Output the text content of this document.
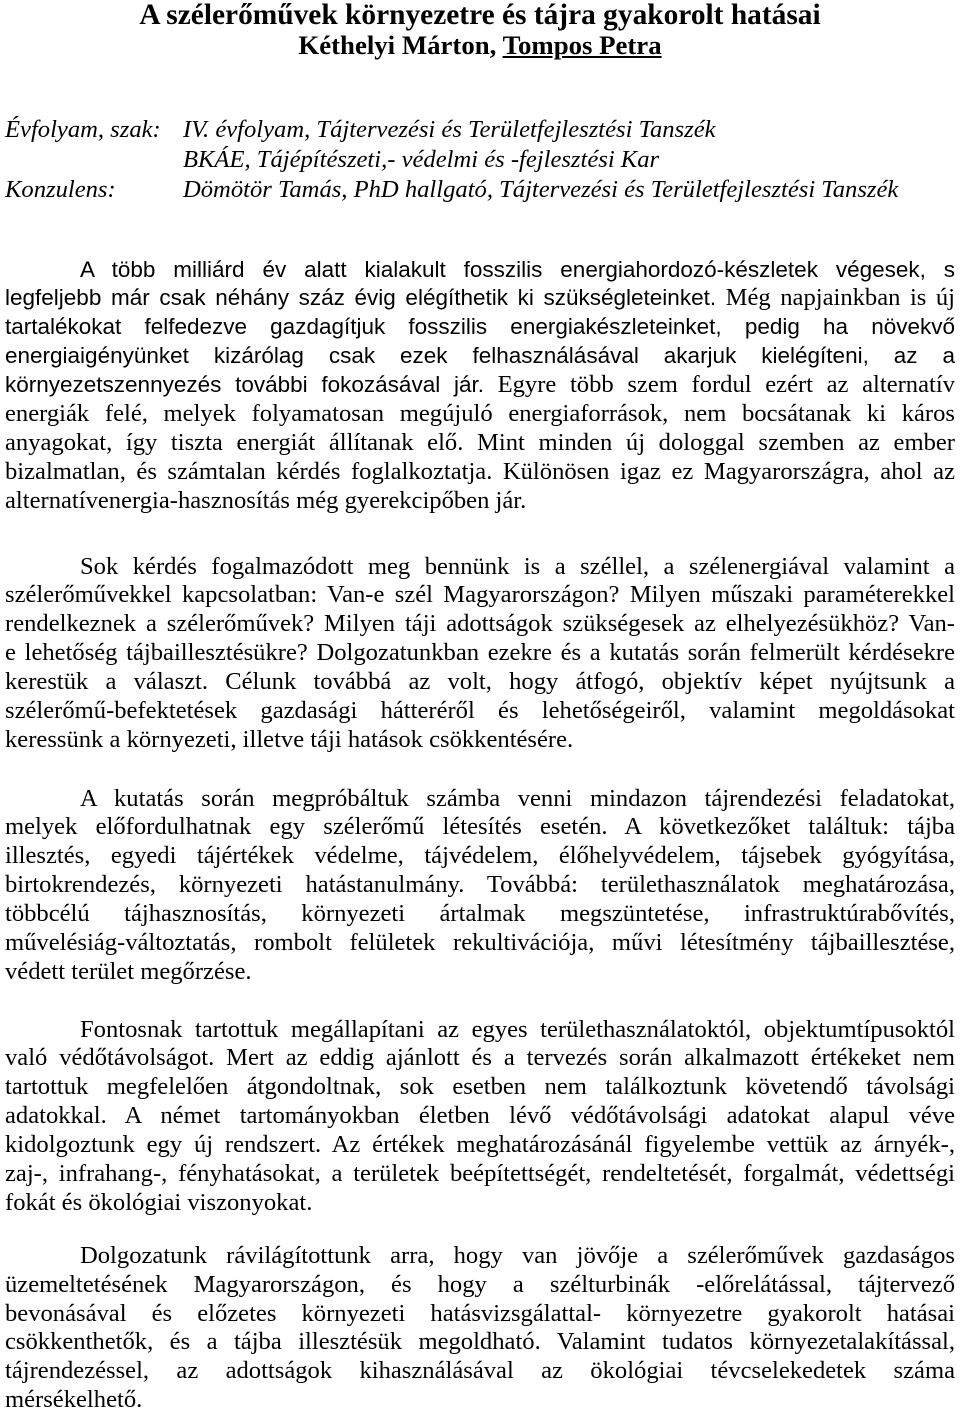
A szélerőművek környezetre és tájra gyakorolt hatásai
Kéthelyi Márton, Tompos Petra
Évfolyam, szak: IV. évfolyam, Tájtervezési és Területfejlesztési Tanszék
BKÁE, Tájépítészeti,- védelmi és -fejlesztési Kar
Konzulens:	Dömötör Tamás, PhD hallgató, Tájtervezési és Területfejlesztési Tanszék
A több milliárd év alatt kialakult fosszilis energiahordozó-készletek végesek, s
legfeljebb már csak néhány száz évig elégíthetik ki szükségleteinket. Még napjainkban is új
tartalékokat felfedezve gazdagítjuk fosszilis energiakészleteinket, pedig ha növekvő
energiaigényünket kizárólag csak ezek felhasználásával akarjuk kielégíteni, az a
környezetszennyezés további fokozásával jár. Egyre több szem fordul ezért az alternatív
energiák felé, melyek folyamatosan megújuló energiaforrások, nem bocsátanak ki káros
anyagokat, így tiszta energiát állítanak elő. Mint minden új dologgal szemben az ember
bizalmatlan, és számtalan kérdés foglalkoztatja. Különösen igaz ez Magyarországra, ahol az
alternatívenergia-hasznosítás még gyerekcipőben jár.
Sok kérdés fogalmazódott meg bennünk is a széllel, a szélenergiával valamint a
szélerőművekkel kapcsolatban: Van-e szél Magyarországon? Milyen műszaki paraméterekkel
rendelkeznek a szélerőművek? Milyen táji adottságok szükségesek az elhelyezésükhöz? Van-
e lehetőség tájbaillesztésükre? Dolgozatunkban ezekre és a kutatás során felmerült kérdésekre
kerestük a választ. Célunk továbbá az volt, hogy átfogó, objektív képet nyújtsunk a
szélerőmű-befektetések gazdasági hátteréről és lehetőségeiről, valamint megoldásokat
keressünk a környezeti, illetve táji hatások csökkentésére.
A kutatás során megpróbáltuk számba venni mindazon tájrendezési feladatokat,
melyek előfordulhatnak egy szélerőmű létesítés esetén. A következőket találtuk: tájba
illesztés, egyedi tájértékek védelme, tájvédelem, élőhelyvédelem, tájsebek gyógyítása,
birtokrendezés, környezeti hatástanulmány. Továbbá: területhasználatok meghatározása,
többcélú tájhasznosítás, környezeti ártalmak megszüntetése, infrastruktúrabővítés,
művelésiág-változtatás, rombolt felületek rekultivációja, művi létesítmény tájbaillesztése,
védett terület megőrzése.
Fontosnak tartottuk megállapítani az egyes területhasználatoktól, objektumtípusoktól
való védőtávolságot. Mert az eddig ajánlott és a tervezés során alkalmazott értékeket nem
tartottuk megfelelően átgondoltnak, sok esetben nem találkoztunk követendő távolsági
adatokkal. A német tartományokban életben lévő védőtávolsági adatokat alapul véve
kidolgoztunk egy új rendszert. Az értékek meghatározásánál figyelembe vettük az árnyék-,
zaj-, infrahang-, fényhatásokat, a területek beépítettségét, rendeltetését, forgalmát, védettségi
fokát és ökológiai viszonyokat.
Dolgozatunk rávilágítottunk arra, hogy van jövője a szélerőművek gazdaságos
üzemeltetésének Magyarországon, és hogy a szélturbinák -előrelátással, tájtervező
bevonásával és előzetes környezeti hatásvizsgálattal- környezetre gyakorolt hatásai
csökkenthetők, és a tájba illesztésük megoldható. Valamint tudatos környezetalakítással,
tájrendezéssel, az adottságok kihasználásával az ökológiai tévcselekedetek száma
mérsékelhető.
